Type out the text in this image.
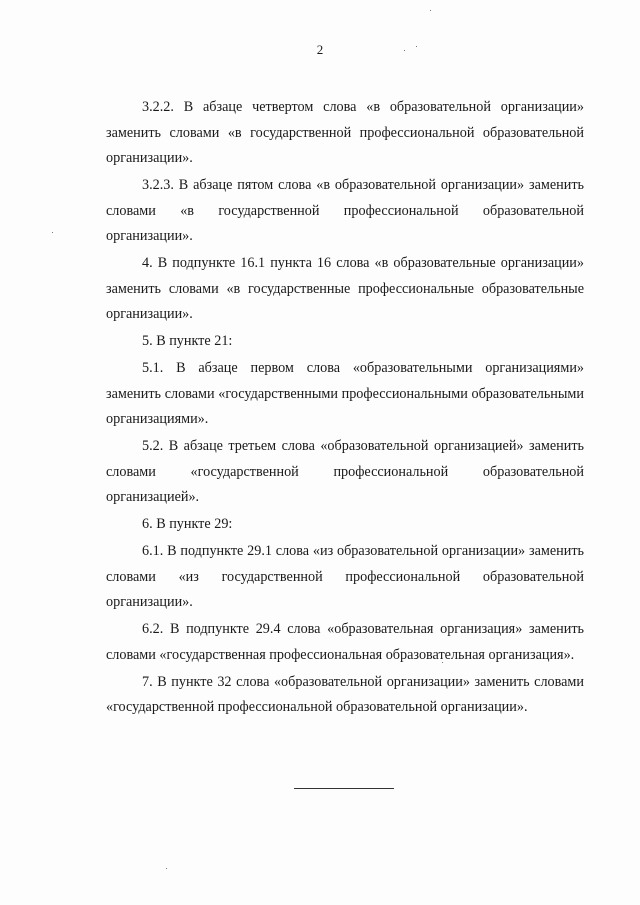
2

3.2.2. В абзаце четвертом слова «в образовательной организации» заменить словами «в государственной профессиональной образовательной организации».

3.2.3. В абзаце пятом слова «в образовательной организации» заменить словами «в государственной профессиональной образовательной организации».

4. В подпункте 16.1 пункта 16 слова «в образовательные организации» заменить словами «в государственные профессиональные образовательные организации».

5. В пункте 21:

5.1. В абзаце первом слова «образовательными организациями» заменить словами «государственными профессиональными образовательными организациями».

5.2. В абзаце третьем слова «образовательной организацией» заменить словами «государственной профессиональной образовательной организацией».

6. В пункте 29:

6.1. В подпункте 29.1 слова «из образовательной организации» заменить словами «из государственной профессиональной образовательной организации».

6.2. В подпункте 29.4 слова «образовательная организация» заменить словами «государственная профессиональная образовательная организация».

7. В пункте 32 слова «образовательной организации» заменить словами «государственной профессиональной образовательной организации».
